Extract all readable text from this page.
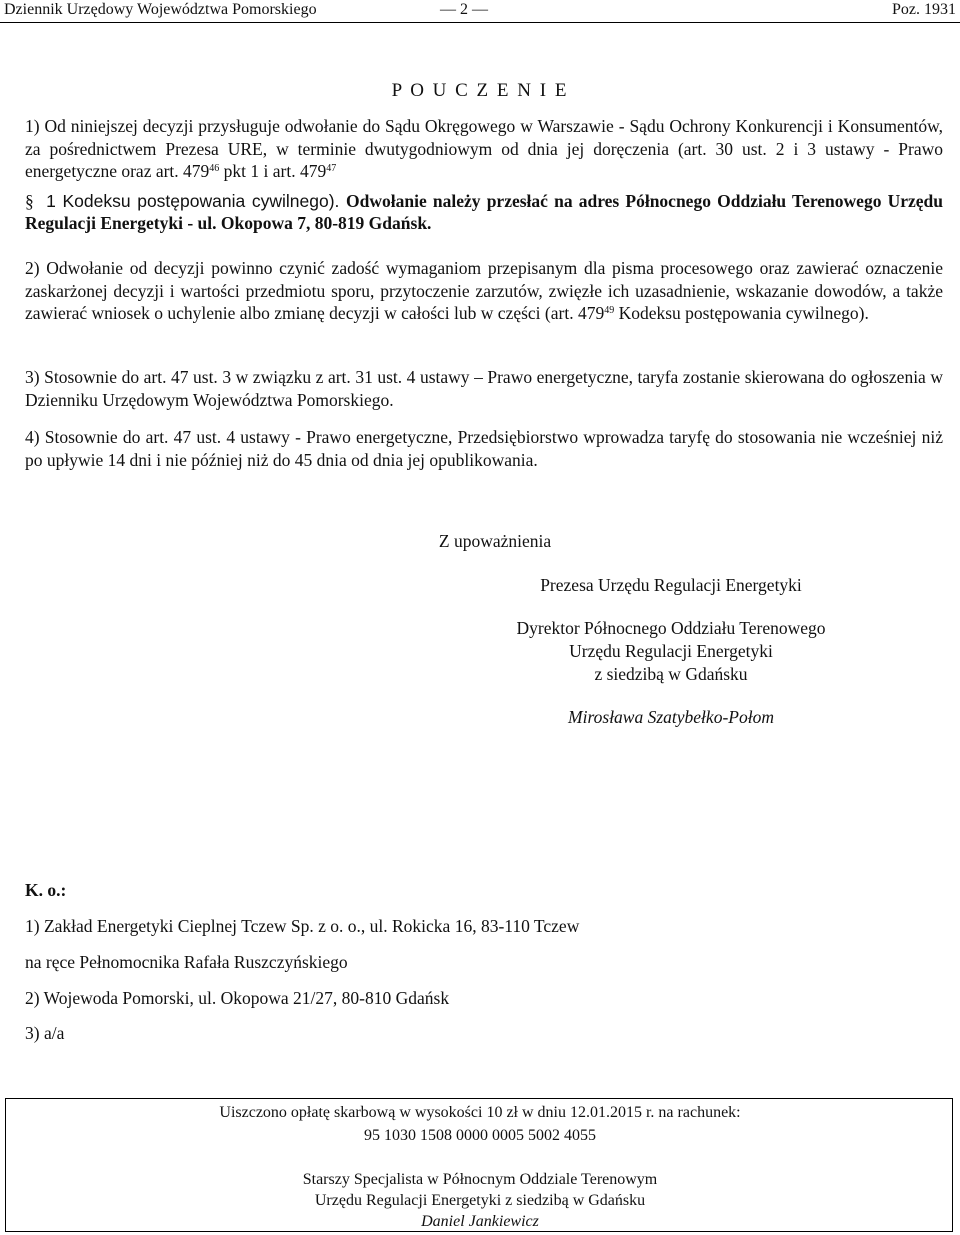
Dziennik Urzędowy Województwa Pomorskiego	— 2 —	Poz. 1931
P O U C Z E N I E
1) Od niniejszej decyzji przysługuje odwołanie do Sądu Okręgowego w Warszawie - Sądu Ochrony Konkurencji i Konsumentów, za pośrednictwem Prezesa URE, w terminie dwutygodniowym od dnia jej doręczenia (art. 30 ust. 2 i 3 ustawy - Prawo energetyczne oraz art. $479^{46}$ pkt 1 i art. $479^{47}$
§ 1 Kodeksu postępowania cywilnego). Odwołanie należy przesłać na adres Północnego Oddziału Terenowego Urzędu Regulacji Energetyki - ul. Okopowa 7, 80-819 Gdańsk.
2) Odwołanie od decyzji powinno czynić zadość wymaganiom przepisanym dla pisma procesowego oraz zawierać oznaczenie zaskarżonej decyzji i wartości przedmiotu sporu, przytoczenie zarzutów, zwięzłe ich uzasadnienie, wskazanie dowodów, a także zawierać wniosek o uchylenie albo zmianę decyzji w całości lub w części (art. $479^{49}$ Kodeksu postępowania cywilnego).
3) Stosownie do art. 47 ust. 3 w związku z art. 31 ust. 4 ustawy – Prawo energetyczne, taryfa zostanie skierowana do ogłoszenia w Dzienniku Urzędowym Województwa Pomorskiego.
4) Stosownie do art. 47 ust. 4 ustawy - Prawo energetyczne, Przedsiębiorstwo wprowadza taryfę do stosowania nie wcześniej niż po upływie 14 dni i nie później niż do 45 dnia od dnia jej opublikowania.
Z upoważnienia
Prezesa Urzędu Regulacji Energetyki
Dyrektor Północnego Oddziału Terenowego
Urzędu Regulacji Energetyki
z siedzibą w Gdańsku
Mirosława Szatybełko-Połom
K. o.:
1) Zakład Energetyki Cieplnej Tczew Sp. z o. o., ul. Rokicka 16, 83-110 Tczew
na ręce Pełnomocnika Rafała Ruszczyńskiego
2) Wojewoda Pomorski, ul. Okopowa 21/27, 80-810 Gdańsk
3) a/a
Uiszczono opłatę skarbową w wysokości 10 zł w dniu 12.01.2015 r. na rachunek:
95 1030 1508 0000 0005 5002 4055
Starszy Specjalista w Północnym Oddziale Terenowym
Urzędu Regulacji Energetyki z siedzibą w Gdańsku
Daniel Jankiewicz
